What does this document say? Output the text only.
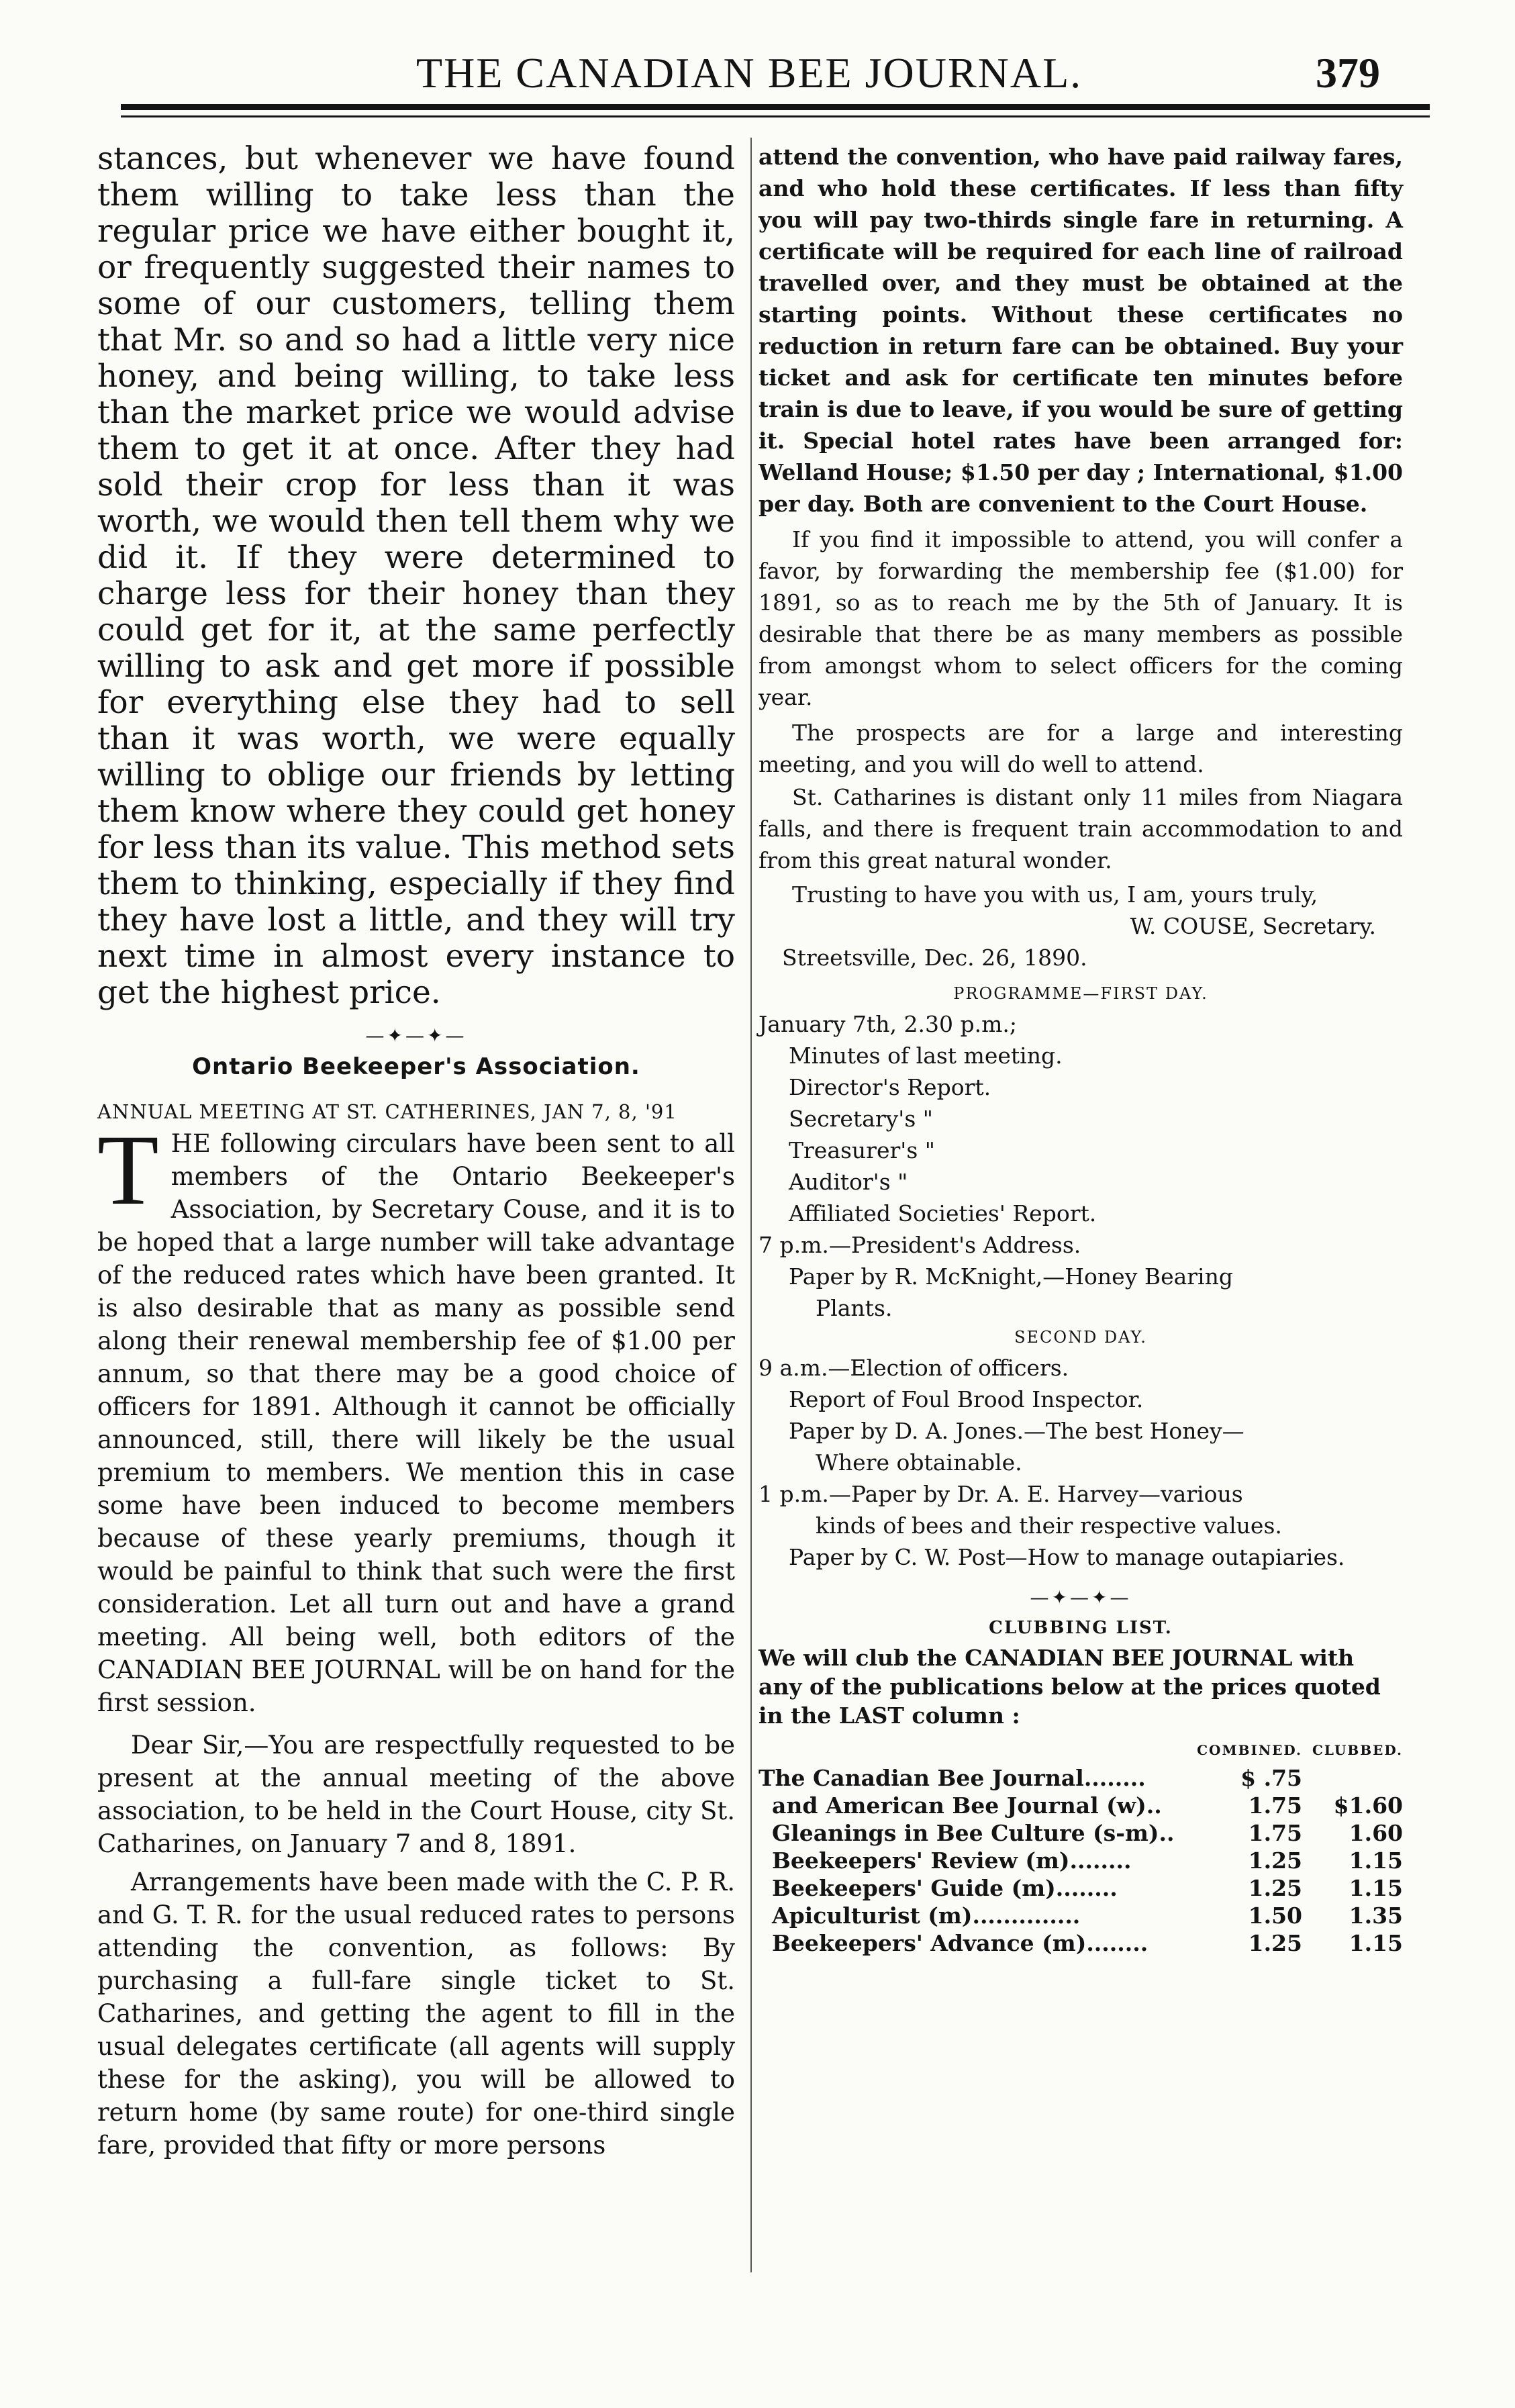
THE CANADIAN BEE JOURNAL.	379

stances, but whenever we have found them willing to take less than the regular price we have either bought it, or frequently suggested their names to some of our customers, telling them that Mr. so and so had a little very nice honey, and being willing, to take less than the market price we would advise them to get it at once. After they had sold their crop for less than it was worth, we would then tell them why we did it. If they were determined to charge less for their honey than they could get for it, at the same perfectly willing to ask and get more if possible for everything else they had to sell than it was worth, we were equally willing to oblige our friends by letting them know where they could get honey for less than its value. This method sets them to thinking, especially if they find they have lost a little, and they will try next time in almost every instance to get the highest price.

—✦—✦—
Ontario Beekeeper's Association.

ANNUAL MEETING AT ST. CATHERINES, JAN 7, 8, '91

T HE following circulars have been sent to all members of the Ontario Beekeeper's Association, by Secretary Couse, and it is to be hoped that a large number will take advantage of the reduced rates which have been granted. It is also desirable that as many as possible send along their renewal membership fee of $1.00 per annum, so that there may be a good choice of officers for 1891. Although it cannot be officially announced, still, there will likely be the usual premium to members. We mention this in case some have been induced to become members because of these yearly premiums, though it would be painful to think that such were the first consideration. Let all turn out and have a grand meeting. All being well, both editors of the CANADIAN BEE JOURNAL will be on hand for the first session.

Dear Sir,—You are respectfully requested to be present at the annual meeting of the above association, to be held in the Court House, city St. Catharines, on January 7 and 8, 1891.

Arrangements have been made with the C. P. R. and G. T. R. for the usual reduced rates to persons attending the convention, as follows: By purchasing a full-fare single ticket to St. Catharines, and getting the agent to fill in the usual delegates certificate (all agents will supply these for the asking), you will be allowed to return home (by same route) for one-third single fare, provided that fifty or more persons

attend the convention, who have paid railway fares, and who hold these certificates. If less than fifty you will pay two-thirds single fare in returning. A certificate will be required for each line of railroad travelled over, and they must be obtained at the starting points. Without these certificates no reduction in return fare can be obtained. Buy your ticket and ask for certificate ten minutes before train is due to leave, if you would be sure of getting it. Special hotel rates have been arranged for: Welland House; $1.50 per day ; International, $1.00 per day. Both are convenient to the Court House.

If you find it impossible to attend, you will confer a favor, by forwarding the membership fee ($1.00) for 1891, so as to reach me by the 5th of January. It is desirable that there be as many members as possible from amongst whom to select officers for the coming year.

The prospects are for a large and interesting meeting, and you will do well to attend.

St. Catharines is distant only 11 miles from Niagara falls, and there is frequent train accommodation to and from this great natural wonder.

Trusting to have you with us, I am, yours truly,

W. COUSE, Secretary.
Streetsville, Dec. 26, 1890.
PROGRAMME—FIRST DAY.

January 7th, 2.30 p.m.;

Minutes of last meeting.

Director's Report.

Secretary's "

Treasurer's "

Auditor's "

Affiliated Societies' Report.

7 p.m.—President's Address.

Paper by R. McKnight,—Honey Bearing

Plants.

SECOND DAY.

9 a.m.—Election of officers.

Report of Foul Brood Inspector.

Paper by D. A. Jones.—The best Honey—

Where obtainable.

1 p.m.—Paper by Dr. A. E. Harvey—various

kinds of bees and their respective values.

Paper by C. W. Post—How to manage outapiaries.

—✦—✦—
CLUBBING LIST.

We will club the CANADIAN BEE JOURNAL with any of the publications below at the prices quoted in the LAST column :

	COMBINED.	CLUBBED.
The Canadian Bee Journal........	$ .75	
and American Bee Journal (w)..	1.75	$1.60
Gleanings in Bee Culture (s-m)..	1.75	1.60
Beekeepers' Review (m)........	1.25	1.15
Beekeepers' Guide (m)........	1.25	1.15
Apiculturist (m)..............	1.50	1.35
Beekeepers' Advance (m)........	1.25	1.15
